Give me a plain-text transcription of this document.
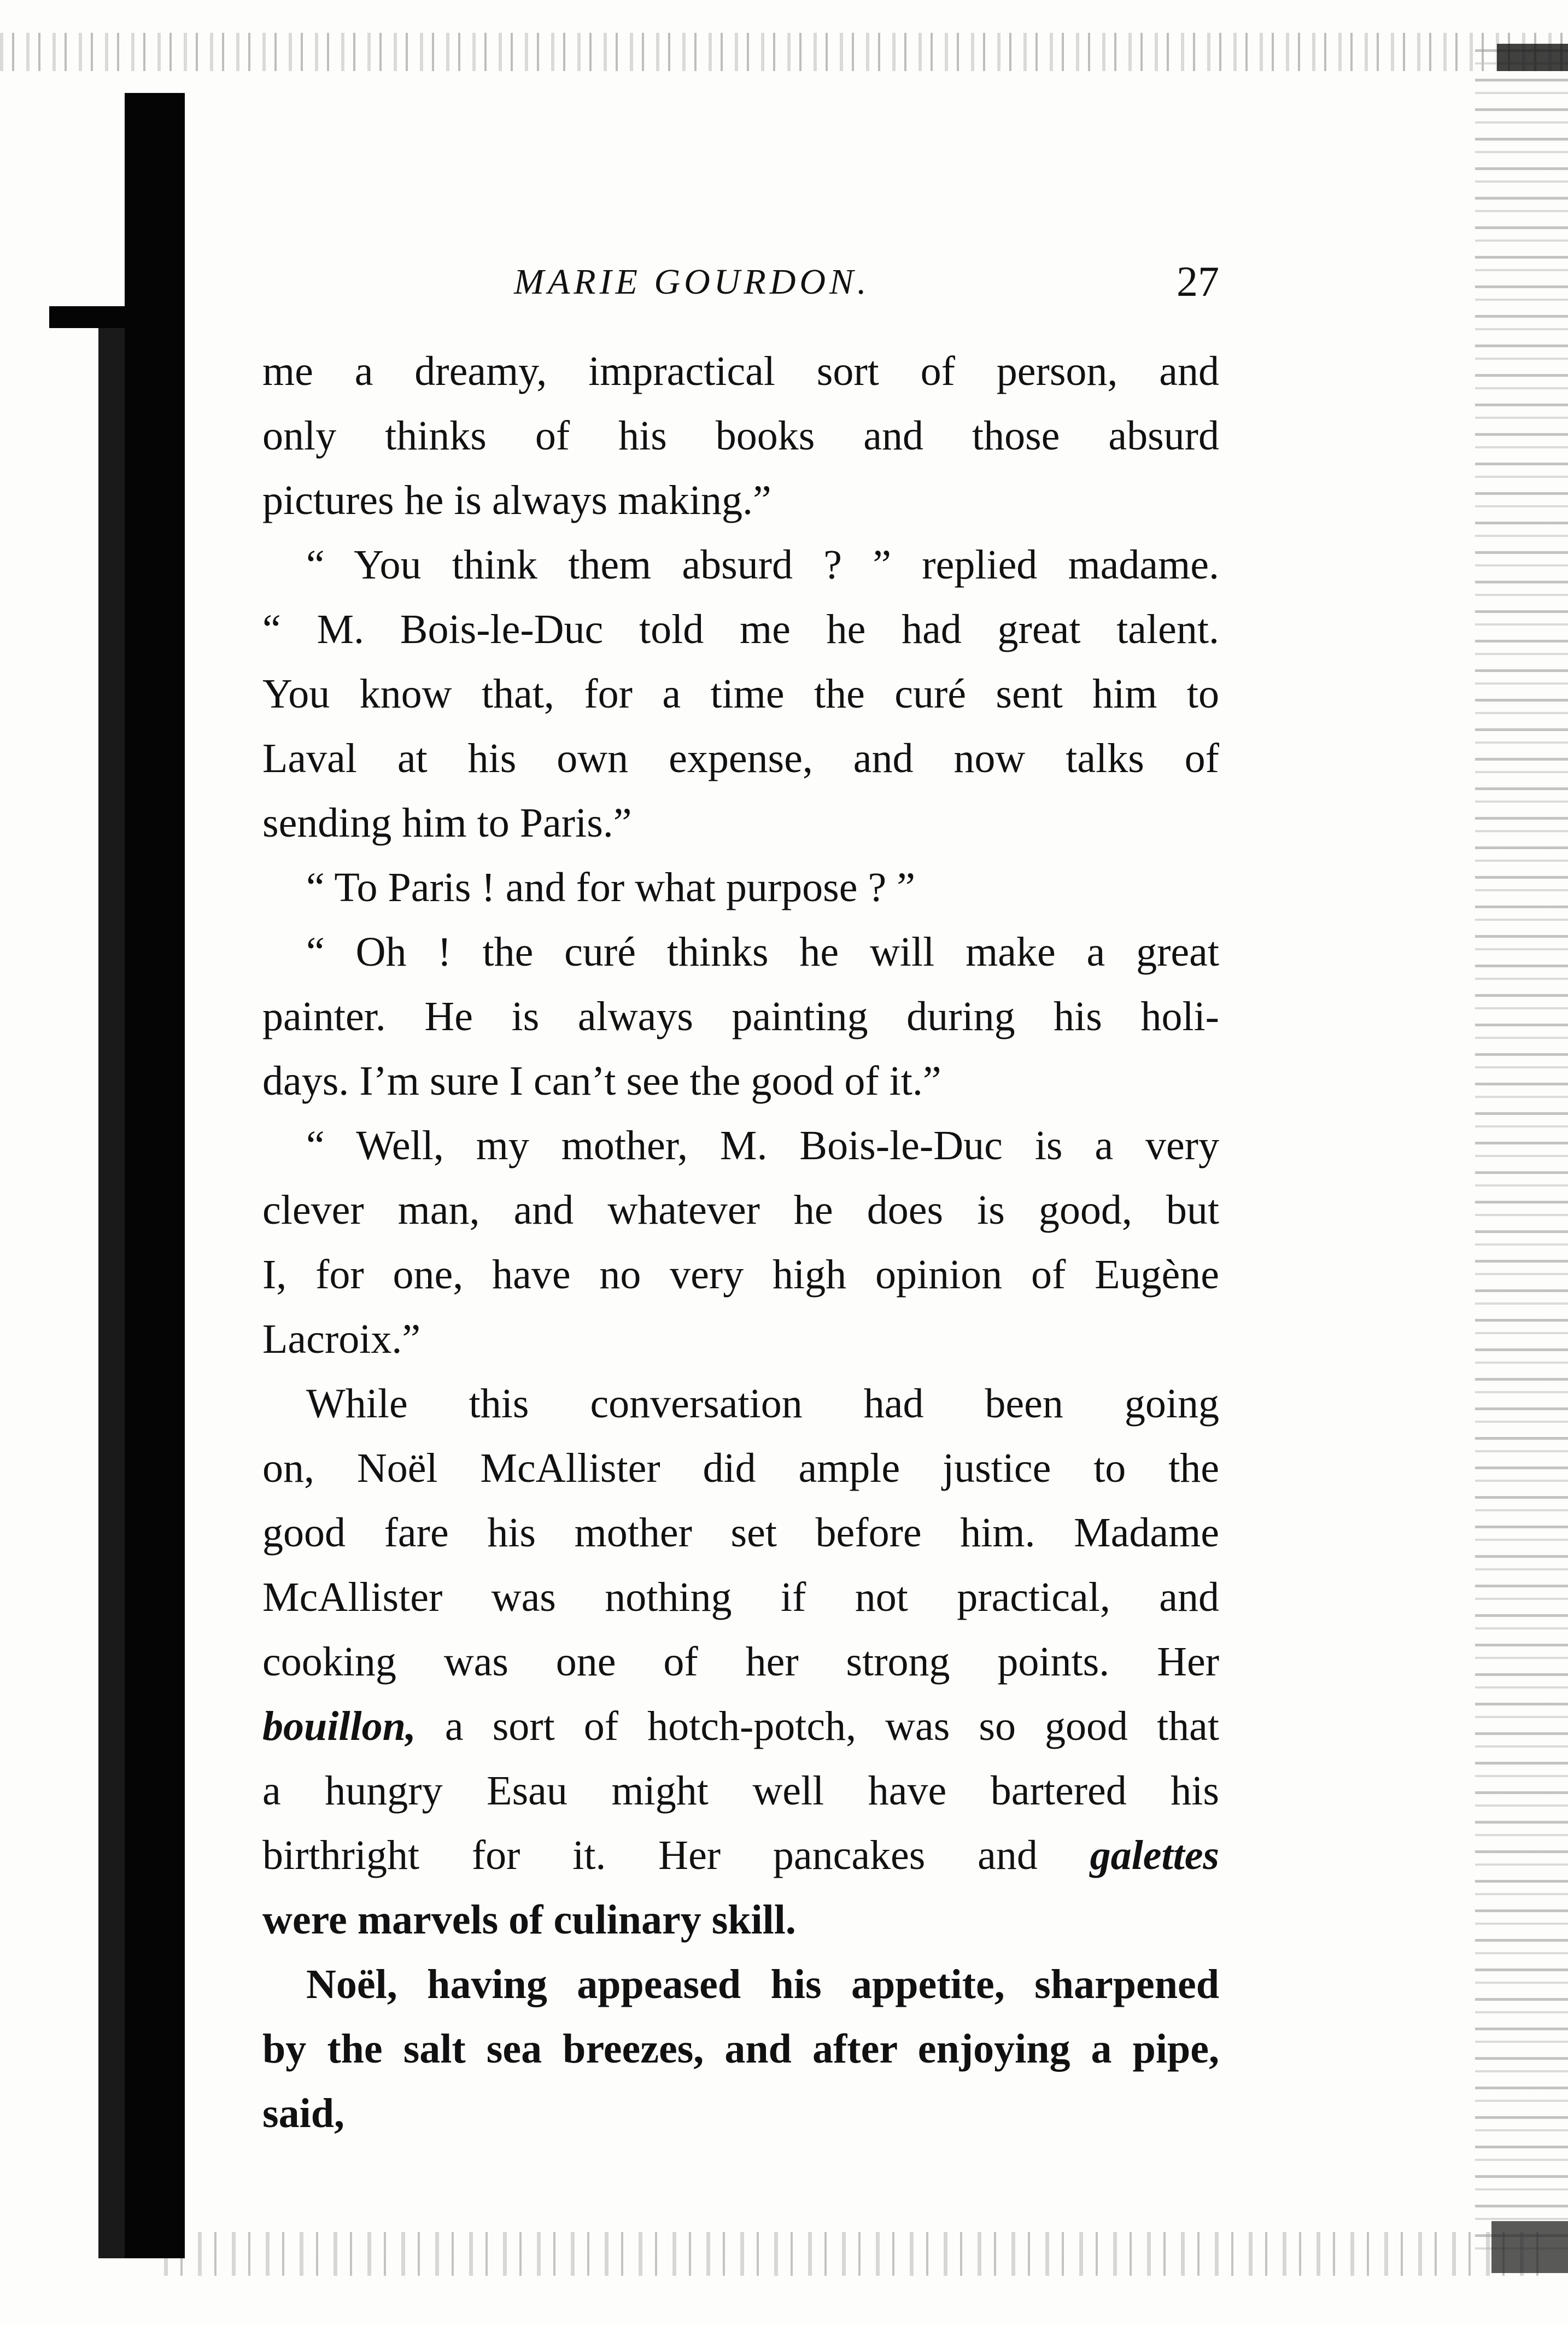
MARIE GOURDON.	27
me a dreamy, impractical sort of person, and
only thinks of his books and those absurd
pictures he is always making.”
“ You think them absurd ? ” replied madame.
“ M. Bois-le-Duc told me he had great talent.
You know that, for a time the curé sent him to
Laval at his own expense, and now talks of
sending him to Paris.”
“ To Paris ! and for what purpose ? ”
“ Oh ! the curé thinks he will make a great
painter. He is always painting during his holi-
days. I’m sure I can’t see the good of it.”
“ Well, my mother, M. Bois-le-Duc is a very
clever man, and whatever he does is good, but
I, for one, have no very high opinion of Eugène
Lacroix.”
While this conversation had been going
on, Noël McAllister did ample justice to the
good fare his mother set before him. Madame
McAllister was nothing if not practical, and
cooking was one of her strong points. Her
bouillon, a sort of hotch-potch, was so good that
a hungry Esau might well have bartered his
birthright for it. Her pancakes and galettes
were marvels of culinary skill.
Noël, having appeased his appetite, sharpened
by the salt sea breezes, and after enjoying a pipe,
said,
